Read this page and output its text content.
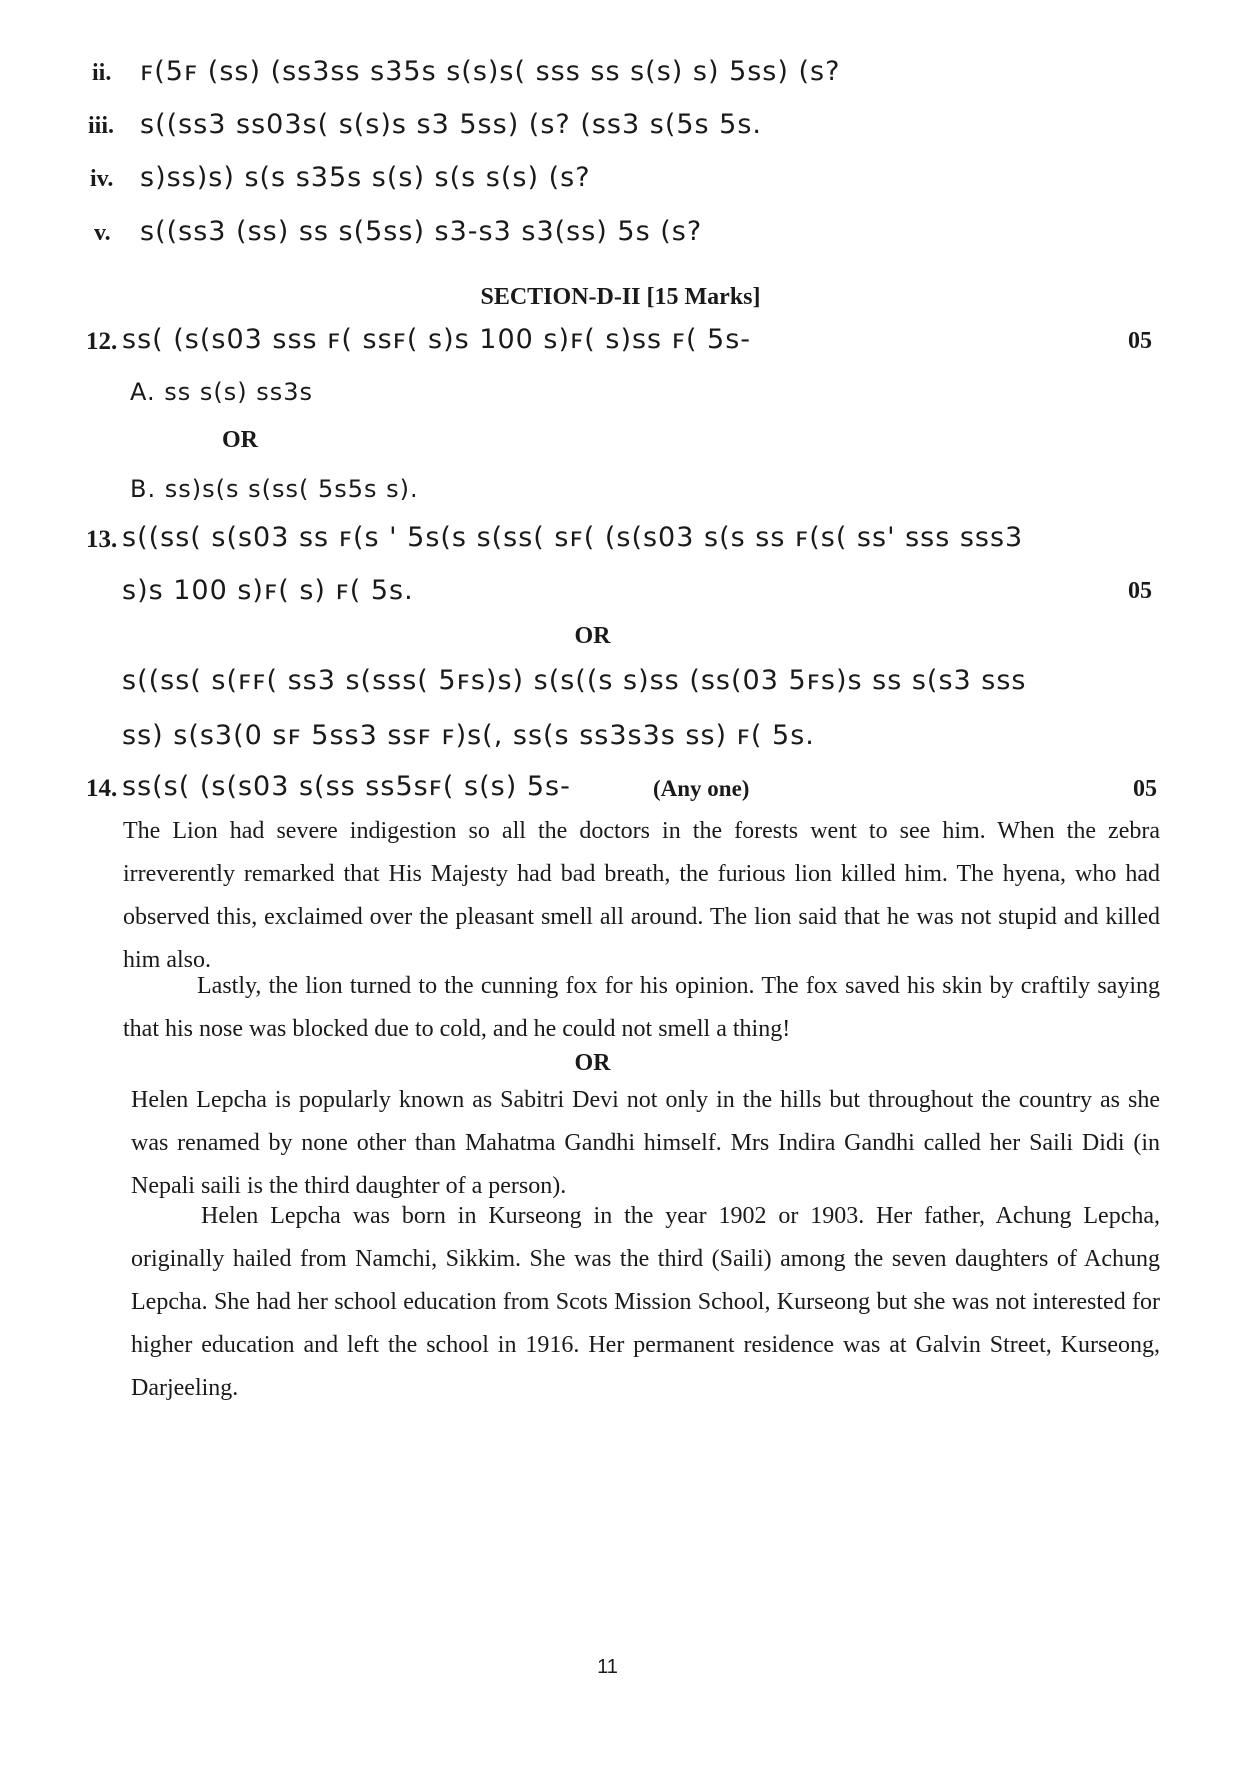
ii. ꜰ(5ꜰ (ꜱꜱ) (ꜱꜱ3ꜱꜱ ꜱ35ꜱ ꜱ(ꜱ)ꜱ( ꜱꜱꜱ ꜱꜱ ꜱ(ꜱ) ꜱ) 5ꜱꜱ) (ꜱ?
iii. ꜱ((ꜱꜱ3 ꜱꜱ03ꜱ( ꜱ(ꜱ)ꜱ ꜱ3 5ꜱꜱ) (ꜱ? (ꜱꜱ3 ꜱ(5ꜱ 5ꜱ.
iv. ꜱ)ꜱꜱ)ꜱ) ꜱ(ꜱ ꜱ35ꜱ ꜱ(ꜱ) ꜱ(ꜱ ꜱ(ꜱ) (ꜱ?
v. ꜱ((ꜱꜱ3 (ꜱꜱ) ꜱꜱ ꜱ(5ꜱꜱ) ꜱ3-ꜱ3 ꜱ3(ꜱꜱ) 5ꜱ (ꜱ?
SECTION-D-II [15 Marks]
12. ꜱꜱ( (ꜱ(ꜱ03 ꜱꜱꜱ ꜰ( ꜱꜱꜰ( ꜱ)ꜱ 100 ꜱ)ꜰ( ꜱ)ꜱꜱ ꜰ( 5ꜱ-	05
A. ꜱꜱ ꜱ(ꜱ) ꜱꜱ3ꜱ
OR
B. ꜱꜱ)ꜱ(ꜱ ꜱ(ꜱꜱ( 5ꜱ5ꜱ ꜱ).
13. ꜱ((ꜱꜱ( ꜱ(ꜱ03 ꜱꜱ ꜰ(ꜱ ' 5ꜱ(ꜱ ꜱ(ꜱꜱ( ꜱꜰ( (ꜱ(ꜱ03 ꜱ(ꜱ ꜱꜱ ꜰ(ꜱ( ꜱꜱ' ꜱꜱꜱ ꜱꜱꜱ3
ꜱ)ꜱ 100 ꜱ)ꜰ( ꜱ) ꜰ( 5ꜱ.	05
OR
ꜱ((ꜱꜱ( ꜱ(ꜰꜰ( ꜱꜱ3 ꜱ(ꜱꜱꜱ( 5ꜰꜱ)ꜱ) ꜱ(ꜱ((ꜱ ꜱ)ꜱꜱ (ꜱꜱ(03 5ꜰꜱ)ꜱ ꜱꜱ ꜱ(ꜱ3 ꜱꜱꜱ
ꜱꜱ) ꜱ(ꜱ3(0 ꜱꜰ 5ꜱꜱ3 ꜱꜱꜰ ꜰ)ꜱ(, ꜱꜱ(ꜱ ꜱꜱ3ꜱ3ꜱ ꜱꜱ) ꜰ( 5ꜱ.
14. ꜱꜱ(ꜱ( (ꜱ(ꜱ03 ꜱ(ꜱꜱ ꜱꜱ5ꜱꜰ( ꜱ(ꜱ) 5ꜱ-	(Any one)	05
The Lion had severe indigestion so all the doctors in the forests went to see him. When the zebra irreverently remarked that His Majesty had bad breath, the furious lion killed him. The hyena, who had observed this, exclaimed over the pleasant smell all around. The lion said that he was not stupid and killed him also.
Lastly, the lion turned to the cunning fox for his opinion. The fox saved his skin by craftily saying that his nose was blocked due to cold, and he could not smell a thing!
OR
Helen Lepcha is popularly known as Sabitri Devi not only in the hills but throughout the country as she was renamed by none other than Mahatma Gandhi himself. Mrs Indira Gandhi called her Saili Didi (in Nepali saili is the third daughter of a person).
Helen Lepcha was born in Kurseong in the year 1902 or 1903. Her father, Achung Lepcha, originally hailed from Namchi, Sikkim. She was the third (Saili) among the seven daughters of Achung Lepcha. She had her school education from Scots Mission School, Kurseong but she was not interested for higher education and left the school in 1916. Her permanent residence was at Galvin Street, Kurseong, Darjeeling.
11
